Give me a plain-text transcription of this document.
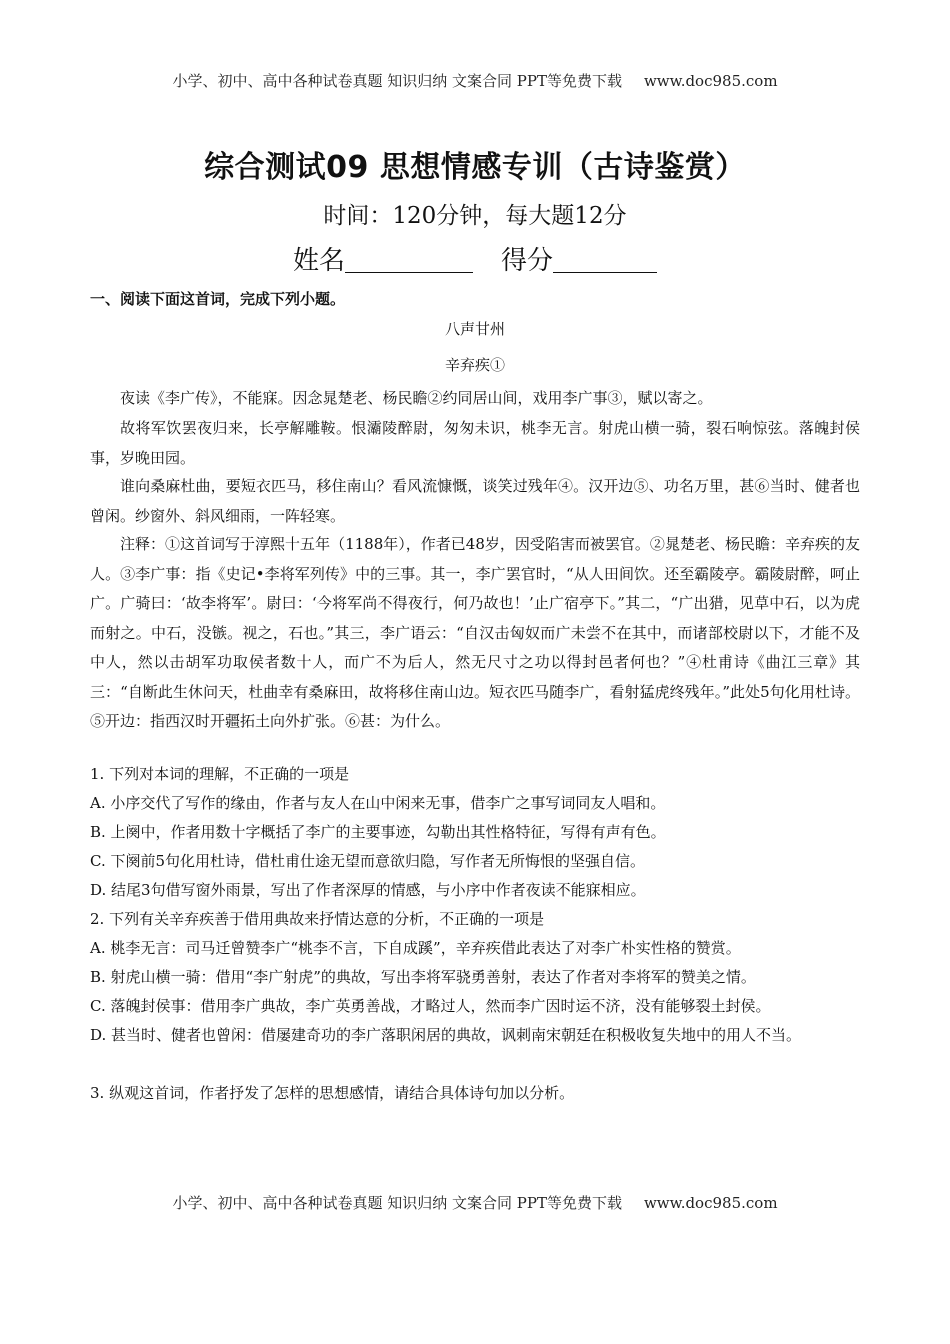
小学、初中、高中各种试卷真题 知识归纳 文案合同 PPT等免费下载 www.doc985.com
综合测试09 思想情感专训（古诗鉴赏）
时间：120分钟，每大题12分
姓名	得分
一、阅读下面这首词，完成下列小题。
八声甘州
辛弃疾①

夜读《李广传》，不能寐。因念晁楚老、杨民瞻②约同居山间，戏用李广事③，赋以寄之。

故将军饮罢夜归来，长亭解雕鞍。恨灞陵醉尉，匆匆未识，桃李无言。射虎山横一骑，裂石响惊弦。落魄封侯事，岁晚田园。

谁向桑麻杜曲，要短衣匹马，移住南山？看风流慷慨，谈笑过残年④。汉开边⑤、功名万里，甚⑥当时、健者也曾闲。纱窗外、斜风细雨，一阵轻寒。

注释：①这首词写于淳熙十五年（1188年），作者已48岁，因受陷害而被罢官。②晁楚老、杨民瞻：辛弃疾的友人。③李广事：指《史记•李将军列传》中的三事。其一，李广罢官时，“从人田间饮。还至霸陵亭。霸陵尉醉，呵止广。广骑曰：‘故李将军’。尉曰：‘今将军尚不得夜行，何乃故也！’止广宿亭下。”其二，“广出猎，见草中石，以为虎而射之。中石，没镞。视之，石也。”其三，李广语云：“自汉击匈奴而广未尝不在其中，而诸部校尉以下，才能不及中人，然以击胡军功取侯者数十人，而广不为后人，然无尺寸之功以得封邑者何也？”④杜甫诗《曲江三章》其三：“自断此生休问天，杜曲幸有桑麻田，故将移住南山边。短衣匹马随李广，看射猛虎终残年。”此处5句化用杜诗。⑤开边：指西汉时开疆拓土向外扩张。⑥甚：为什么。

1. 下列对本词的理解，不正确的一项是

A. 小序交代了写作的缘由，作者与友人在山中闲来无事，借李广之事写词同友人唱和。

B. 上阕中，作者用数十字概括了李广的主要事迹，勾勒出其性格特征，写得有声有色。

C. 下阕前5句化用杜诗，借杜甫仕途无望而意欲归隐，写作者无所悔恨的坚强自信。

D. 结尾3句借写窗外雨景，写出了作者深厚的情感，与小序中作者夜读不能寐相应。

2. 下列有关辛弃疾善于借用典故来抒情达意的分析，不正确的一项是

A. 桃李无言：司马迁曾赞李广“桃李不言，下自成蹊”，辛弃疾借此表达了对李广朴实性格的赞赏。

B. 射虎山横一骑：借用“李广射虎”的典故，写出李将军骁勇善射，表达了作者对李将军的赞美之情。

C. 落魄封侯事：借用李广典故，李广英勇善战，才略过人，然而李广因时运不济，没有能够裂土封侯。

D. 甚当时、健者也曾闲：借屡建奇功的李广落职闲居的典故，讽刺南宋朝廷在积极收复失地中的用人不当。

3. 纵观这首词，作者抒发了怎样的思想感情，请结合具体诗句加以分析。

小学、初中、高中各种试卷真题 知识归纳 文案合同 PPT等免费下载 www.doc985.com
